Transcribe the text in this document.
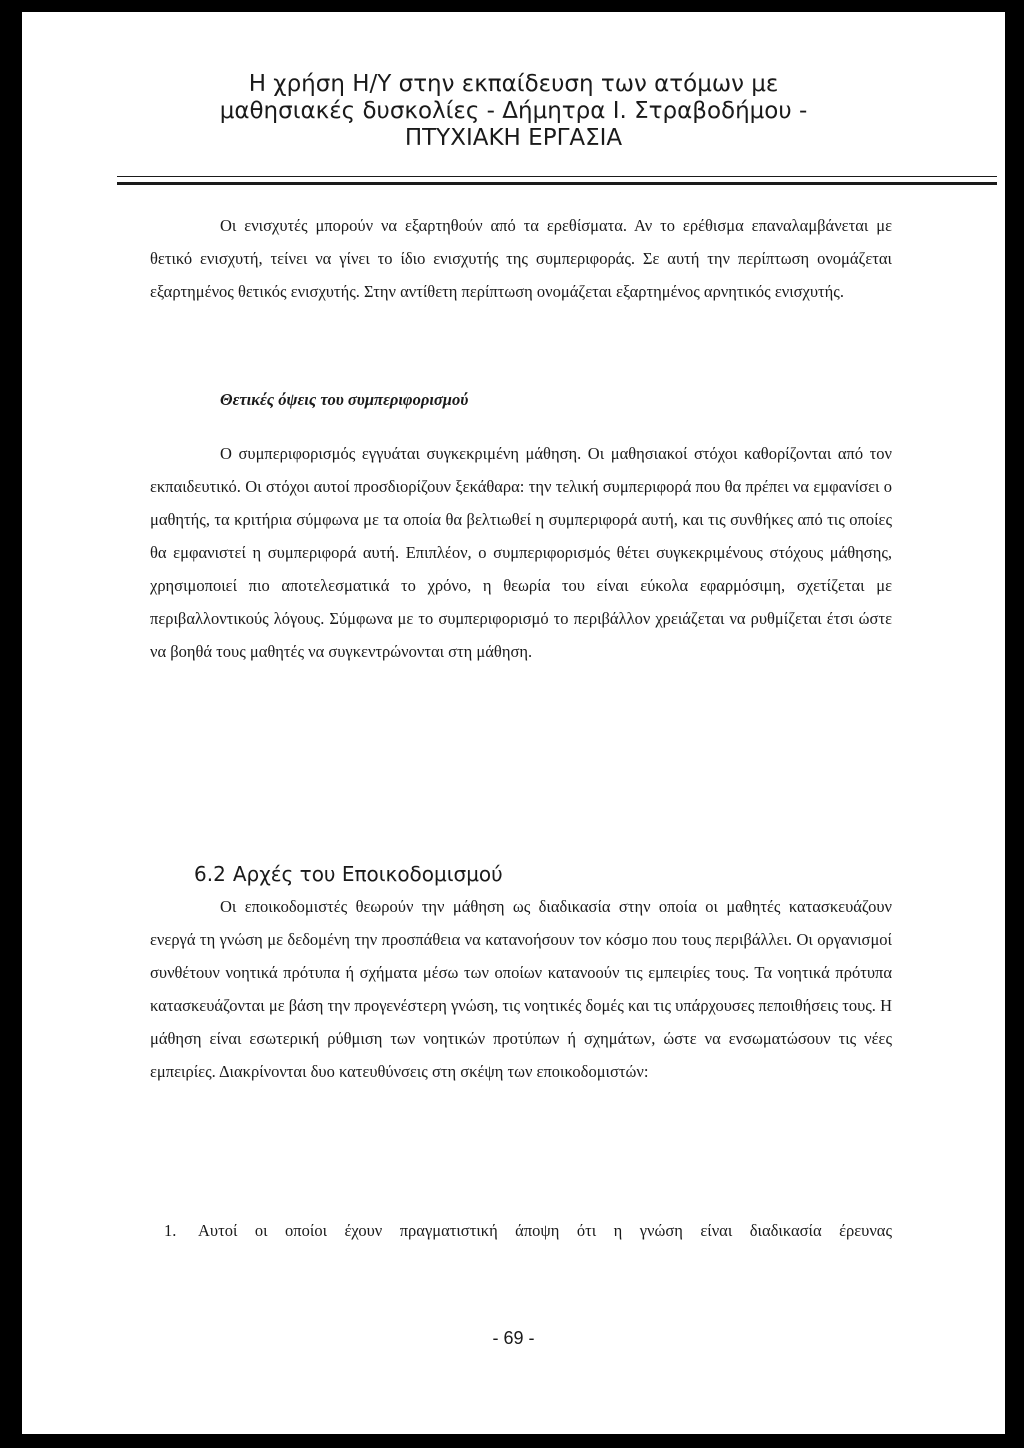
Η χρήση Η/Υ στην εκπαίδευση των ατόμων με
μαθησιακές δυσκολίες - Δήμητρα Ι. Στραβοδήμου -
ΠΤΥΧΙΑΚΗ ΕΡΓΑΣΙΑ

Οι ενισχυτές μπορούν να εξαρτηθούν από τα ερεθίσματα. Αν το ερέθισμα επαναλαμβάνεται με θετικό ενισχυτή, τείνει να γίνει το ίδιο ενισχυτής της συμπεριφοράς. Σε αυτή την περίπτωση ονομάζεται εξαρτημένος θετικός ενισχυτής. Στην αντίθετη περίπτωση ονομάζεται εξαρτημένος αρνητικός ενισχυτής.

Θετικές όψεις του συμπεριφορισμού

Ο συμπεριφορισμός εγγυάται συγκεκριμένη μάθηση. Οι μαθησιακοί στόχοι καθορίζονται από τον εκπαιδευτικό. Οι στόχοι αυτοί προσδιορίζουν ξεκάθαρα: την τελική συμπεριφορά που θα πρέπει να εμφανίσει ο μαθητής, τα κριτήρια σύμφωνα με τα οποία θα βελτιωθεί η συμπεριφορά αυτή, και τις συνθήκες από τις οποίες θα εμφανιστεί η συμπεριφορά αυτή. Επιπλέον, ο συμπεριφορισμός θέτει συγκεκριμένους στόχους μάθησης, χρησιμοποιεί πιο αποτελεσματικά το χρόνο, η θεωρία του είναι εύκολα εφαρμόσιμη, σχετίζεται με περιβαλλοντικούς λόγους. Σύμφωνα με το συμπεριφορισμό το περιβάλλον χρειάζεται να ρυθμίζεται έτσι ώστε να βοηθά τους μαθητές να συγκεντρώνονται στη μάθηση.

6.2 Αρχές του Εποικοδομισμού

Οι εποικοδομιστές θεωρούν την μάθηση ως διαδικασία στην οποία οι μαθητές κατασκευάζουν ενεργά τη γνώση με δεδομένη την προσπάθεια να κατανοήσουν τον κόσμο που τους περιβάλλει. Οι οργανισμοί συνθέτουν νοητικά πρότυπα ή σχήματα μέσω των οποίων κατανοούν τις εμπειρίες τους. Τα νοητικά πρότυπα κατασκευάζονται με βάση την προγενέστερη γνώση, τις νοητικές δομές και τις υπάρχουσες πεποιθήσεις τους. Η μάθηση είναι εσωτερική ρύθμιση των νοητικών προτύπων ή σχημάτων, ώστε να ενσωματώσουν τις νέες εμπειρίες. Διακρίνονται δυο κατευθύνσεις στη σκέψη των εποικοδομιστών:

1.	Αυτοί οι οποίοι έχουν πραγματιστική άποψη ότι η γνώση είναι διαδικασία έρευνας
- 69 -
